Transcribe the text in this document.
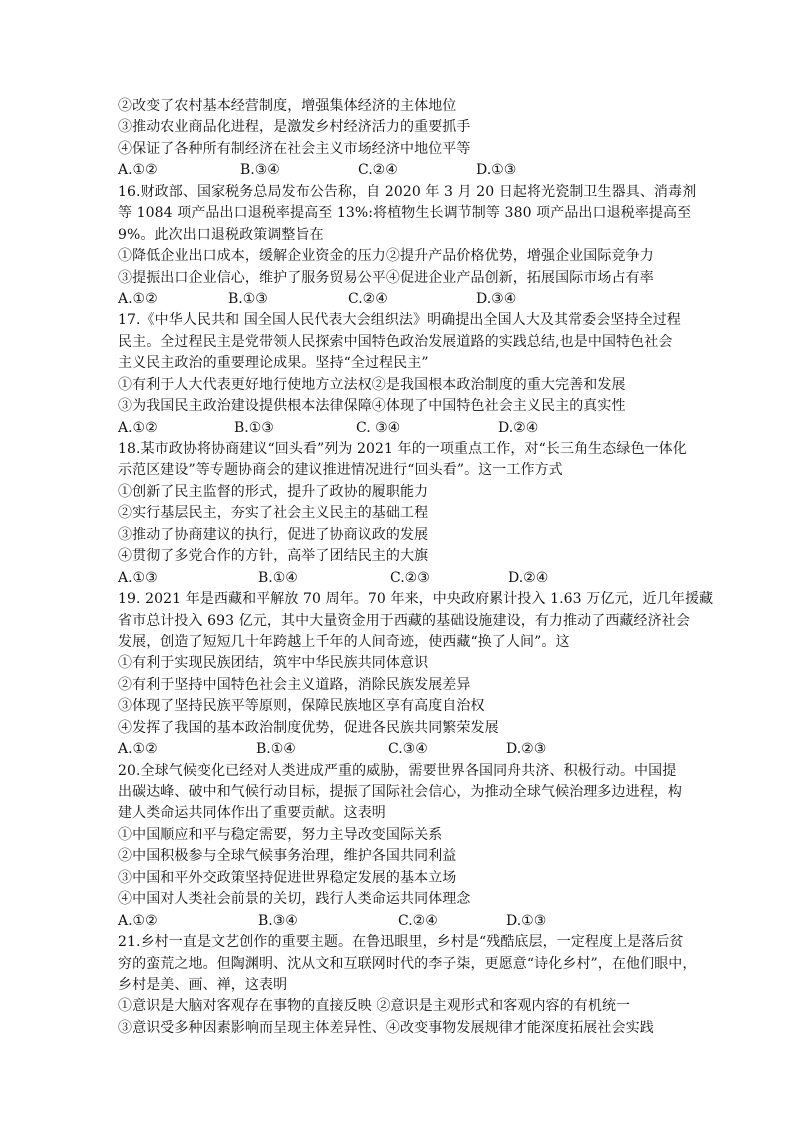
②改变了农村基本经营制度，增强集体经济的主体地位
③推动农业商品化进程，是激发乡村经济活力的重要抓手
④保证了各种所有制经济在社会主义市场经济中地位平等
A.①②	B.③④	C.②④	D.①③
16.财政部、国家税务总局发布公告称，自 2020 年 3 月 20 日起将光瓷制卫生器具、消毒剂
等 1084 项产品出口退税率提高至 13%:将植物生长调节制等 380 项产品出口退税率提高至
9%。此次出口退税政策调整旨在
①降低企业出口成本，缓解企业资金的压力②提升产品价格优势，增强企业国际竞争力
③提振出口企业信心，维护了服务贸易公平④促进企业产品创新，拓展国际市场占有率
A.①②	B.①③	C.②④	D.③④
17.《中华人民共和 国全国人民代表大会组织法》明确提出全国人大及其常委会坚持全过程
民主。全过程民主是党带领人民探索中国特色政治发展道路的实践总结,也是中国特色社会
主义民主政治的重要理论成果。坚持“全过程民主”
①有利于人大代表更好地行使地方立法权②是我国根本政治制度的重大完善和发展
③为我国民主政治建设提供根本法律保障④体现了中国特色社会主义民主的真实性
A.①②	B.①③	C. ③④	D.②④
18.某市政协将协商建议“回头看”列为 2021 年的一项重点工作，对“长三角生态绿色一体化
示范区建设”等专题协商会的建议推进情况进行“回头看”。这一工作方式
①创新了民主监督的形式，提升了政协的履职能力
②实行基层民主，夯实了社会主义民主的基础工程
③推动了协商建议的执行，促进了协商议政的发展
④贯彻了多党合作的方针，高举了团结民主的大旗
A.①③	B.①④	C.②③	D.②④
19. 2021 年是西藏和平解放 70 周年。70 年来，中央政府累计投入 1.63 万亿元，近几年援藏
省市总计投入 693 亿元，其中大量资金用于西藏的基础设施建设，有力推动了西藏经济社会
发展，创造了短短几十年跨越上千年的人间奇迹，使西藏“换了人间”。这
①有利于实现民族团结，筑牢中华民族共同体意识
②有利于坚持中国特色社会主义道路，消除民族发展差异
③体现了坚持民族平等原则，保障民族地区享有高度自治权
④发挥了我国的基本政治制度优势，促进各民族共同繁荣发展
A.①②	B.①④	C.③④	D.②③
20.全球气候变化已经对人类进成严重的威胁，需要世界各国同舟共济、积极行动。中国提
出碳达峰、破中和气候行动目标，提振了国际社会信心，为推动全球气候治理多边进程，构
建人类命运共同体作出了重要贡献。这表明
①中国顺应和平与稳定需要，努力主导改变国际关系
②中国积极参与全球气候事务治理，维护各国共同利益
③中国和平外交政策坚持促进世界稳定发展的基本立场
④中国对人类社会前景的关切，践行人类命运共同体理念
A.①②	B.③④	C.②④	D.①③
21.乡村一直是文艺创作的重要主题。在鲁迅眼里，乡村是“残酷底层，一定程度上是落后贫
穷的蛮荒之地。但陶渊明、沈从文和互联网时代的李子柒，更愿意“诗化乡村”，在他们眼中，
乡村是美、画、禅，这表明
①意识是大脑对客观存在事物的直接反映 ②意识是主观形式和客观内容的有机统一
③意识受多种因素影响而呈现主体差异性、④改变事物发展规律才能深度拓展社会实践
